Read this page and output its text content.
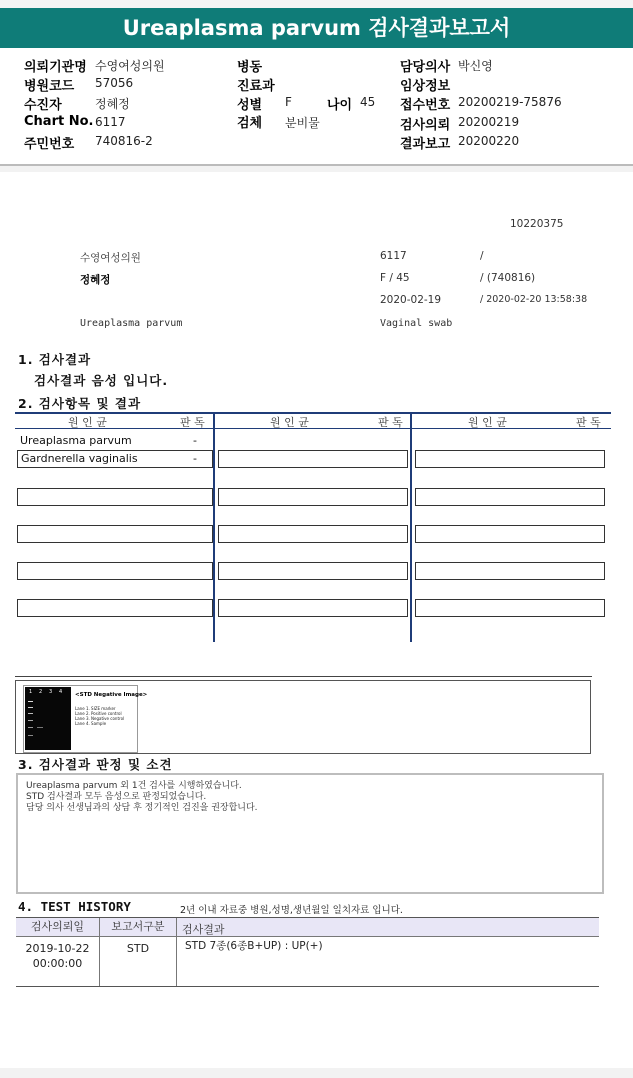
Ureaplasma parvum 검사결과보고서
의뢰기관명 수영여성의원	병동	담당의사 박신영
병원코드 57056	진료과	임상정보
수진자	정혜정	성별 F	나이 45 접수번호 20200219-75876
Chart No. 6117	검체 분비물	검사의뢰 20200219
주민번호 740816-2	결과보고 20200220
10220375
수영여성의원	6117	/
정혜정	F / 45	/ (740816)
2020-02-19	/ 2020-02-20 13:58:38
Ureaplasma parvum	Vaginal swab
1. 검사결과
검사결과 음성 입니다.
2. 검사항목 및 결과
원 인 균	판 독	원 인 균	판 독	원 인 균	판 독
Ureaplasma parvum	-
Gardnerella vaginalis	-
1 2 3 4 <STD Negative Image>
Lane 1. SIZE marker
Lane 2. Positive control
Lane 3. Negative control
Lane 4. Sample
3. 검사결과 판정 및 소견
Ureaplasma parvum 외 1건 검사를 시행하였습니다.
STD 검사결과 모두 음성으로 판정되었습니다.
담당 의사 선생님과의 상담 후 정기적인 검진을 권장합니다.
4. TEST HISTORY	2년 이내 자료중 병원,성명,생년월일 일치자료 입니다.
검사의뢰일	보고서구분	검사결과
2019-10-22
00:00:00
STD	STD 7종(6종B+UP) : UP(+)
